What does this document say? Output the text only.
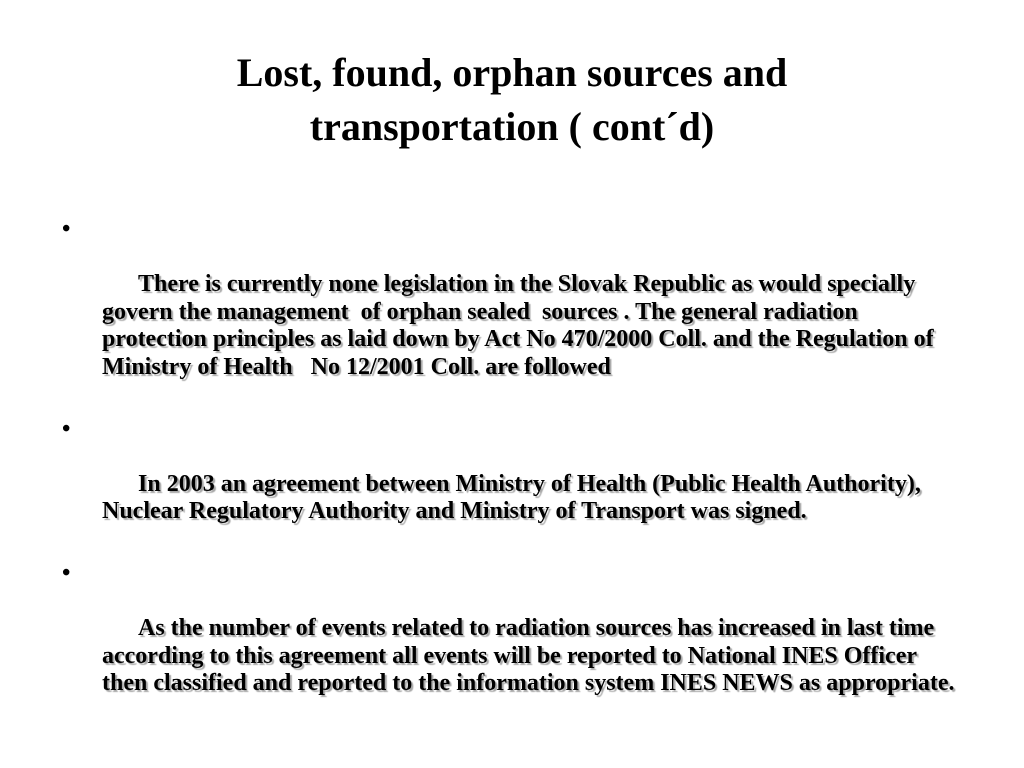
Lost, found, orphan sources and
transportation ( cont´d)

•

There is currently none legislation in the Slovak Republic as would specially govern the management  of orphan sealed  sources . The general radiation protection principles as laid down by Act No 470/2000 Coll. and the Regulation of  Ministry of Health   No 12/2001 Coll. are followed

•

In 2003 an agreement between Ministry of Health (Public Health Authority), Nuclear Regulatory Authority and Ministry of Transport was signed.

•

As the number of events related to radiation sources has increased in last time according to this agreement all events will be reported to National INES Officer then classified and reported to the information system INES NEWS as appropriate.
